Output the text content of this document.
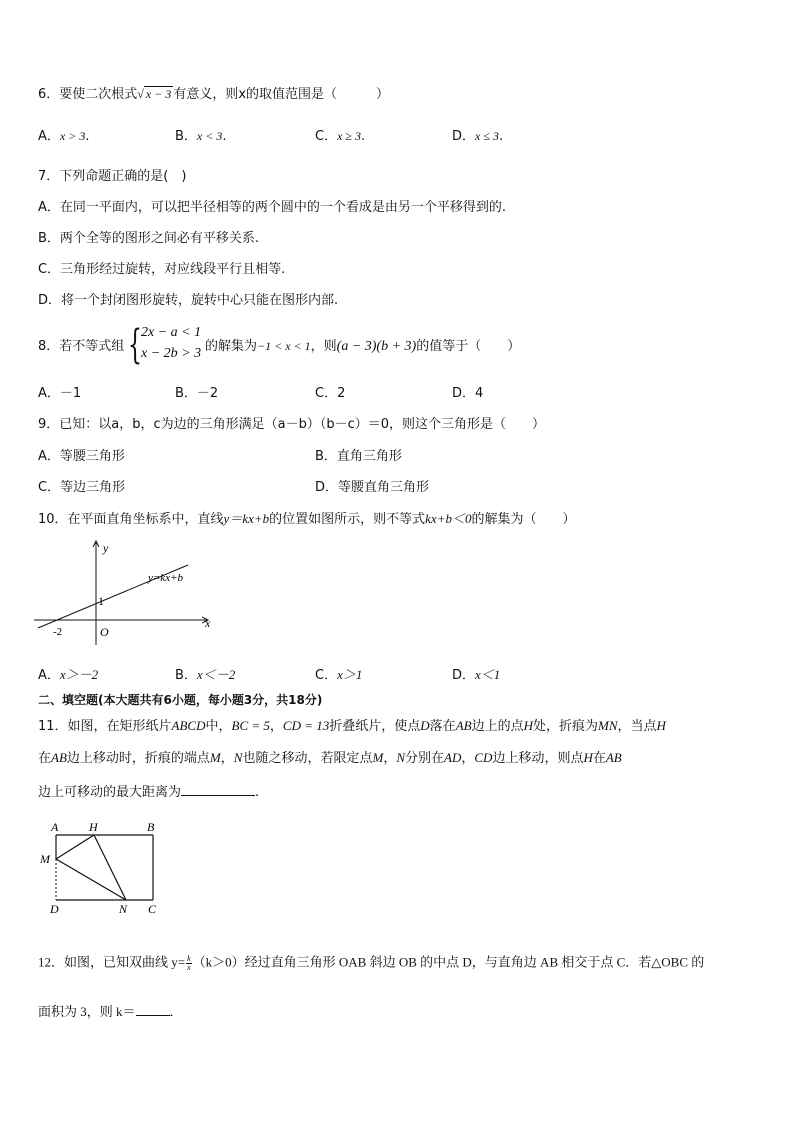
6．要使二次根式√ x − 3 有意义，则x的取值范围是（　　　）
A．x > 3.	B．x < 3.	C．x ≥ 3.	D．x ≤ 3.
7．下列命题正确的是(　)
A．在同一平面内，可以把半径相等的两个圆中的一个看成是由另一个平移得到的.
B．两个全等的图形之间必有平移关系.
C．三角形经过旋转，对应线段平行且相等.
D．将一个封闭图形旋转，旋转中心只能在图形内部.
8．若不等式组 { 2x − a < 1
x − 2b > 3 的解集为−1 < x < 1，则(a − 3)(b + 3)的值等于（　　）
A．－1	B．－2	C．2	D．4
9．已知：以a，b，c为边的三角形满足（a－b）（b－c）＝0，则这个三角形是（　　）
A．等腰三角形	B．直角三角形
C．等边三角形	D．等腰直角三角形
10．在平面直角坐标系中，直线y＝kx+b的位置如图所示，则不等式kx+b＜0的解集为（　　）
y
x
O
y=kx+b
1
-2
A．x＞－2	B．x＜－2	C．x＞1	D．x＜1
二、填空题(本大题共有6小题，每小题3分，共18分)
11．如图，在矩形纸片ABCD中，BC = 5，CD = 13折叠纸片，使点D落在AB边上的点H处，折痕为MN，当点H
在AB边上移动时，折痕的端点M，N也随之移动，若限定点M，N分别在AD，CD边上移动，则点H在AB
边上可移动的最大距离为	.
A	H	B
M
D	N C
12．如图，已知双曲线 $y= \frac{k}{x} (k>0)$经过直角三角形 OAB 斜边 OB 的中点 D，与直角边 AB 相交于点 C．若△OBC 的
面积为 3，则 k＝	．
